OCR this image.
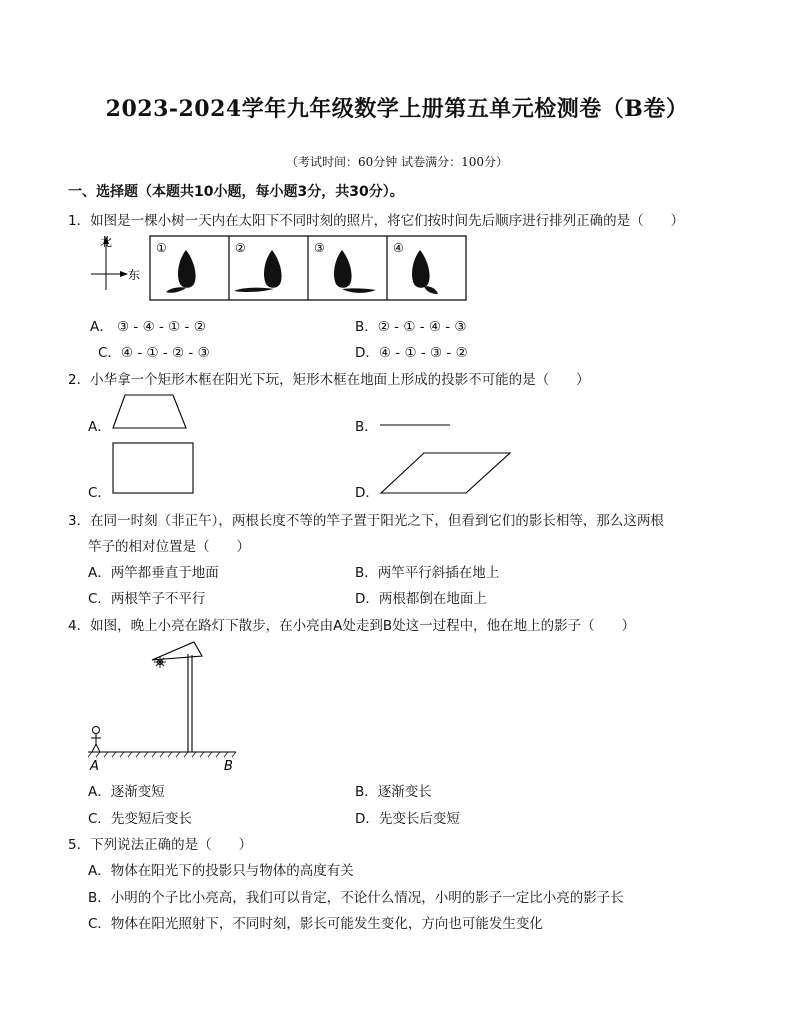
2023-2024学年九年级数学上册第五单元检测卷（B卷）
（考试时间：60分钟 试卷满分：100分）
一、选择题（本题共10小题，每小题3分，共30分）。
1．如图是一棵小树一天内在太阳下不同时刻的照片，将它们按时间先后顺序进行排列正确的是（　　）
北
东
①	②	③	④
A． ③ - ④ - ① - ②	B．② - ① - ④ - ③
C．④ - ① - ② - ③	D．④ - ① - ③ - ②
2．小华拿一个矩形木框在阳光下玩，矩形木框在地面上形成的投影不可能的是（　　）
A．	B．
C．	D．
3．在同一时刻（非正午），两根长度不等的竿子置于阳光之下，但看到它们的影长相等，那么这两根
竿子的相对位置是（　　）
A．两竿都垂直于地面	B．两竿平行斜插在地上
C．两根竿子不平行	D．两根都倒在地面上
4．如图，晚上小亮在路灯下散步，在小亮由A处走到B处这一过程中，他在地上的影子（　　）
A	B
A．逐渐变短	B．逐渐变长
C．先变短后变长	D．先变长后变短
5．下列说法正确的是（　　）
A．物体在阳光下的投影只与物体的高度有关
B．小明的个子比小亮高，我们可以肯定，不论什么情况，小明的影子一定比小亮的影子长
C．物体在阳光照射下，不同时刻，影长可能发生变化，方向也可能发生变化
